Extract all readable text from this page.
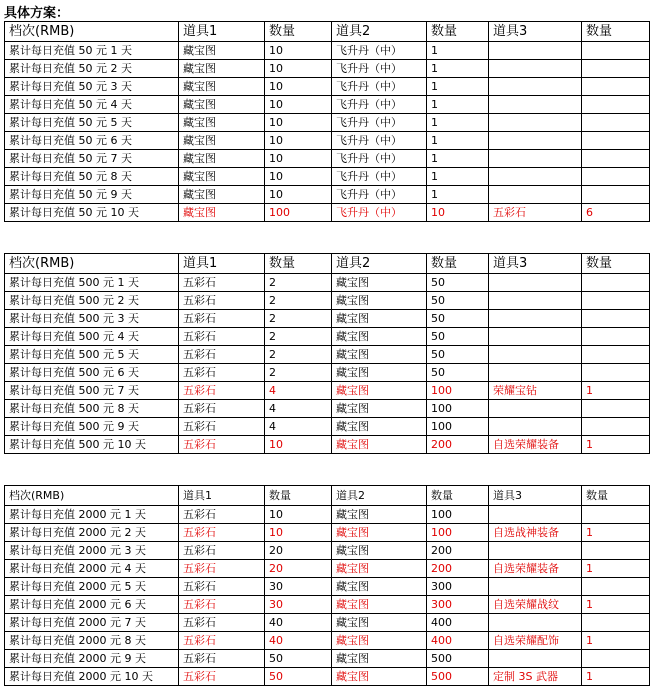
具体方案：
档次(RMB)	道具1	数量	道具2	数量	道具3	数量
累计每日充值 50 元 1 天	藏宝图	10	飞升丹（中）	1		
累计每日充值 50 元 2 天	藏宝图	10	飞升丹（中）	1		
累计每日充值 50 元 3 天	藏宝图	10	飞升丹（中）	1		
累计每日充值 50 元 4 天	藏宝图	10	飞升丹（中）	1		
累计每日充值 50 元 5 天	藏宝图	10	飞升丹（中）	1		
累计每日充值 50 元 6 天	藏宝图	10	飞升丹（中）	1		
累计每日充值 50 元 7 天	藏宝图	10	飞升丹（中）	1		
累计每日充值 50 元 8 天	藏宝图	10	飞升丹（中）	1		
累计每日充值 50 元 9 天	藏宝图	10	飞升丹（中）	1		
累计每日充值 50 元 10 天	藏宝图	100	飞升丹（中）	10	五彩石	6
档次(RMB)	道具1	数量	道具2	数量	道具3	数量
累计每日充值 500 元 1 天	五彩石	2	藏宝图	50		
累计每日充值 500 元 2 天	五彩石	2	藏宝图	50		
累计每日充值 500 元 3 天	五彩石	2	藏宝图	50		
累计每日充值 500 元 4 天	五彩石	2	藏宝图	50		
累计每日充值 500 元 5 天	五彩石	2	藏宝图	50		
累计每日充值 500 元 6 天	五彩石	2	藏宝图	50		
累计每日充值 500 元 7 天	五彩石	4	藏宝图	100	荣耀宝钻	1
累计每日充值 500 元 8 天	五彩石	4	藏宝图	100		
累计每日充值 500 元 9 天	五彩石	4	藏宝图	100		
累计每日充值 500 元 10 天	五彩石	10	藏宝图	200	自选荣耀装备	1
档次(RMB)	道具1	数量	道具2	数量	道具3	数量
累计每日充值 2000 元 1 天	五彩石	10	藏宝图	100		
累计每日充值 2000 元 2 天	五彩石	10	藏宝图	100	自选战神装备	1
累计每日充值 2000 元 3 天	五彩石	20	藏宝图	200		
累计每日充值 2000 元 4 天	五彩石	20	藏宝图	200	自选荣耀装备	1
累计每日充值 2000 元 5 天	五彩石	30	藏宝图	300		
累计每日充值 2000 元 6 天	五彩石	30	藏宝图	300	自选荣耀战纹	1
累计每日充值 2000 元 7 天	五彩石	40	藏宝图	400		
累计每日充值 2000 元 8 天	五彩石	40	藏宝图	400	自选荣耀配饰	1
累计每日充值 2000 元 9 天	五彩石	50	藏宝图	500		
累计每日充值 2000 元 10 天	五彩石	50	藏宝图	500	定制 3S 武器	1
